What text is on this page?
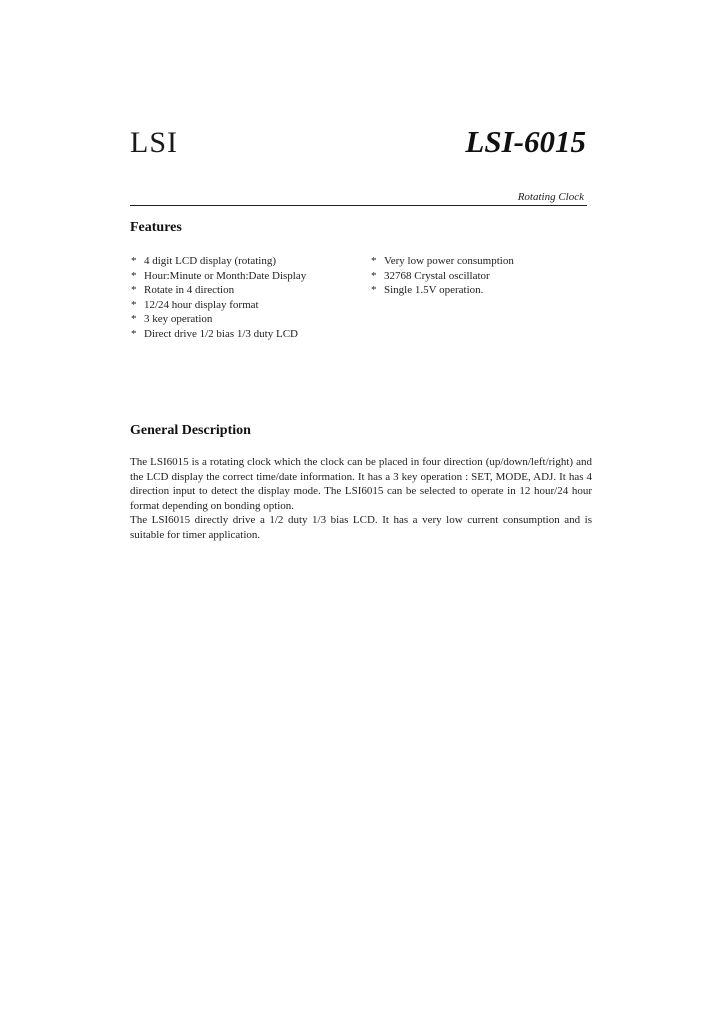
LSI	LSI-6015
Rotating Clock
Features
* 4 digit LCD display (rotating)
* Hour:Minute or Month:Date Display
* Rotate in 4 direction
* 12/24 hour display format
* 3 key operation
* Direct drive 1/2 bias 1/3 duty LCD
* Very low power consumption
* 32768 Crystal oscillator
* Single 1.5V operation.
General Description

The LSI6015 is a rotating clock which the clock can be placed in four direction (up/down/left/right) and the LCD display the correct time/date information. It has a 3 key operation : SET, MODE, ADJ. It has 4 direction input to detect the display mode. The LSI6015 can be selected to operate in 12 hour/24 hour format depending on bonding option.

The LSI6015 directly drive a 1/2 duty 1/3 bias LCD. It has a very low current consumption and is suitable for timer application.
